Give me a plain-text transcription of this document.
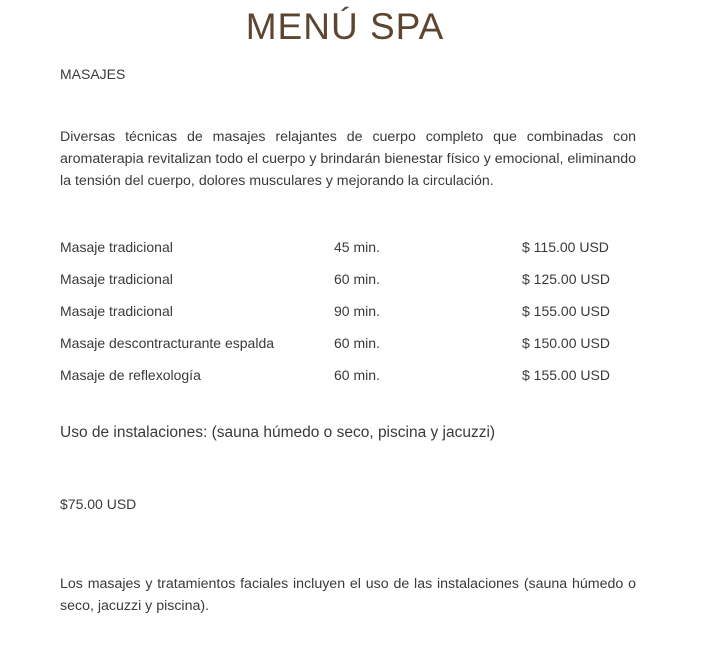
MENÚ SPA
MASAJES

Diversas técnicas de masajes relajantes de cuerpo completo que combinadas con aromaterapia revitalizan todo el cuerpo y brindarán bienestar físico y emocional, eliminando la tensión del cuerpo, dolores musculares y mejorando la circulación.

Masaje tradicional	45 min.	$ 115.00 USD
Masaje tradicional	60 min.	$ 125.00 USD
Masaje tradicional	90 min.	$ 155.00 USD
Masaje descontracturante espalda	60 min.	$ 150.00 USD
Masaje de reflexología	60 min.	$ 155.00 USD

Uso de instalaciones: (sauna húmedo o seco, piscina y jacuzzi)

$75.00 USD

Los masajes y tratamientos faciales incluyen el uso de las instalaciones (sauna húmedo o seco, jacuzzi y piscina).
